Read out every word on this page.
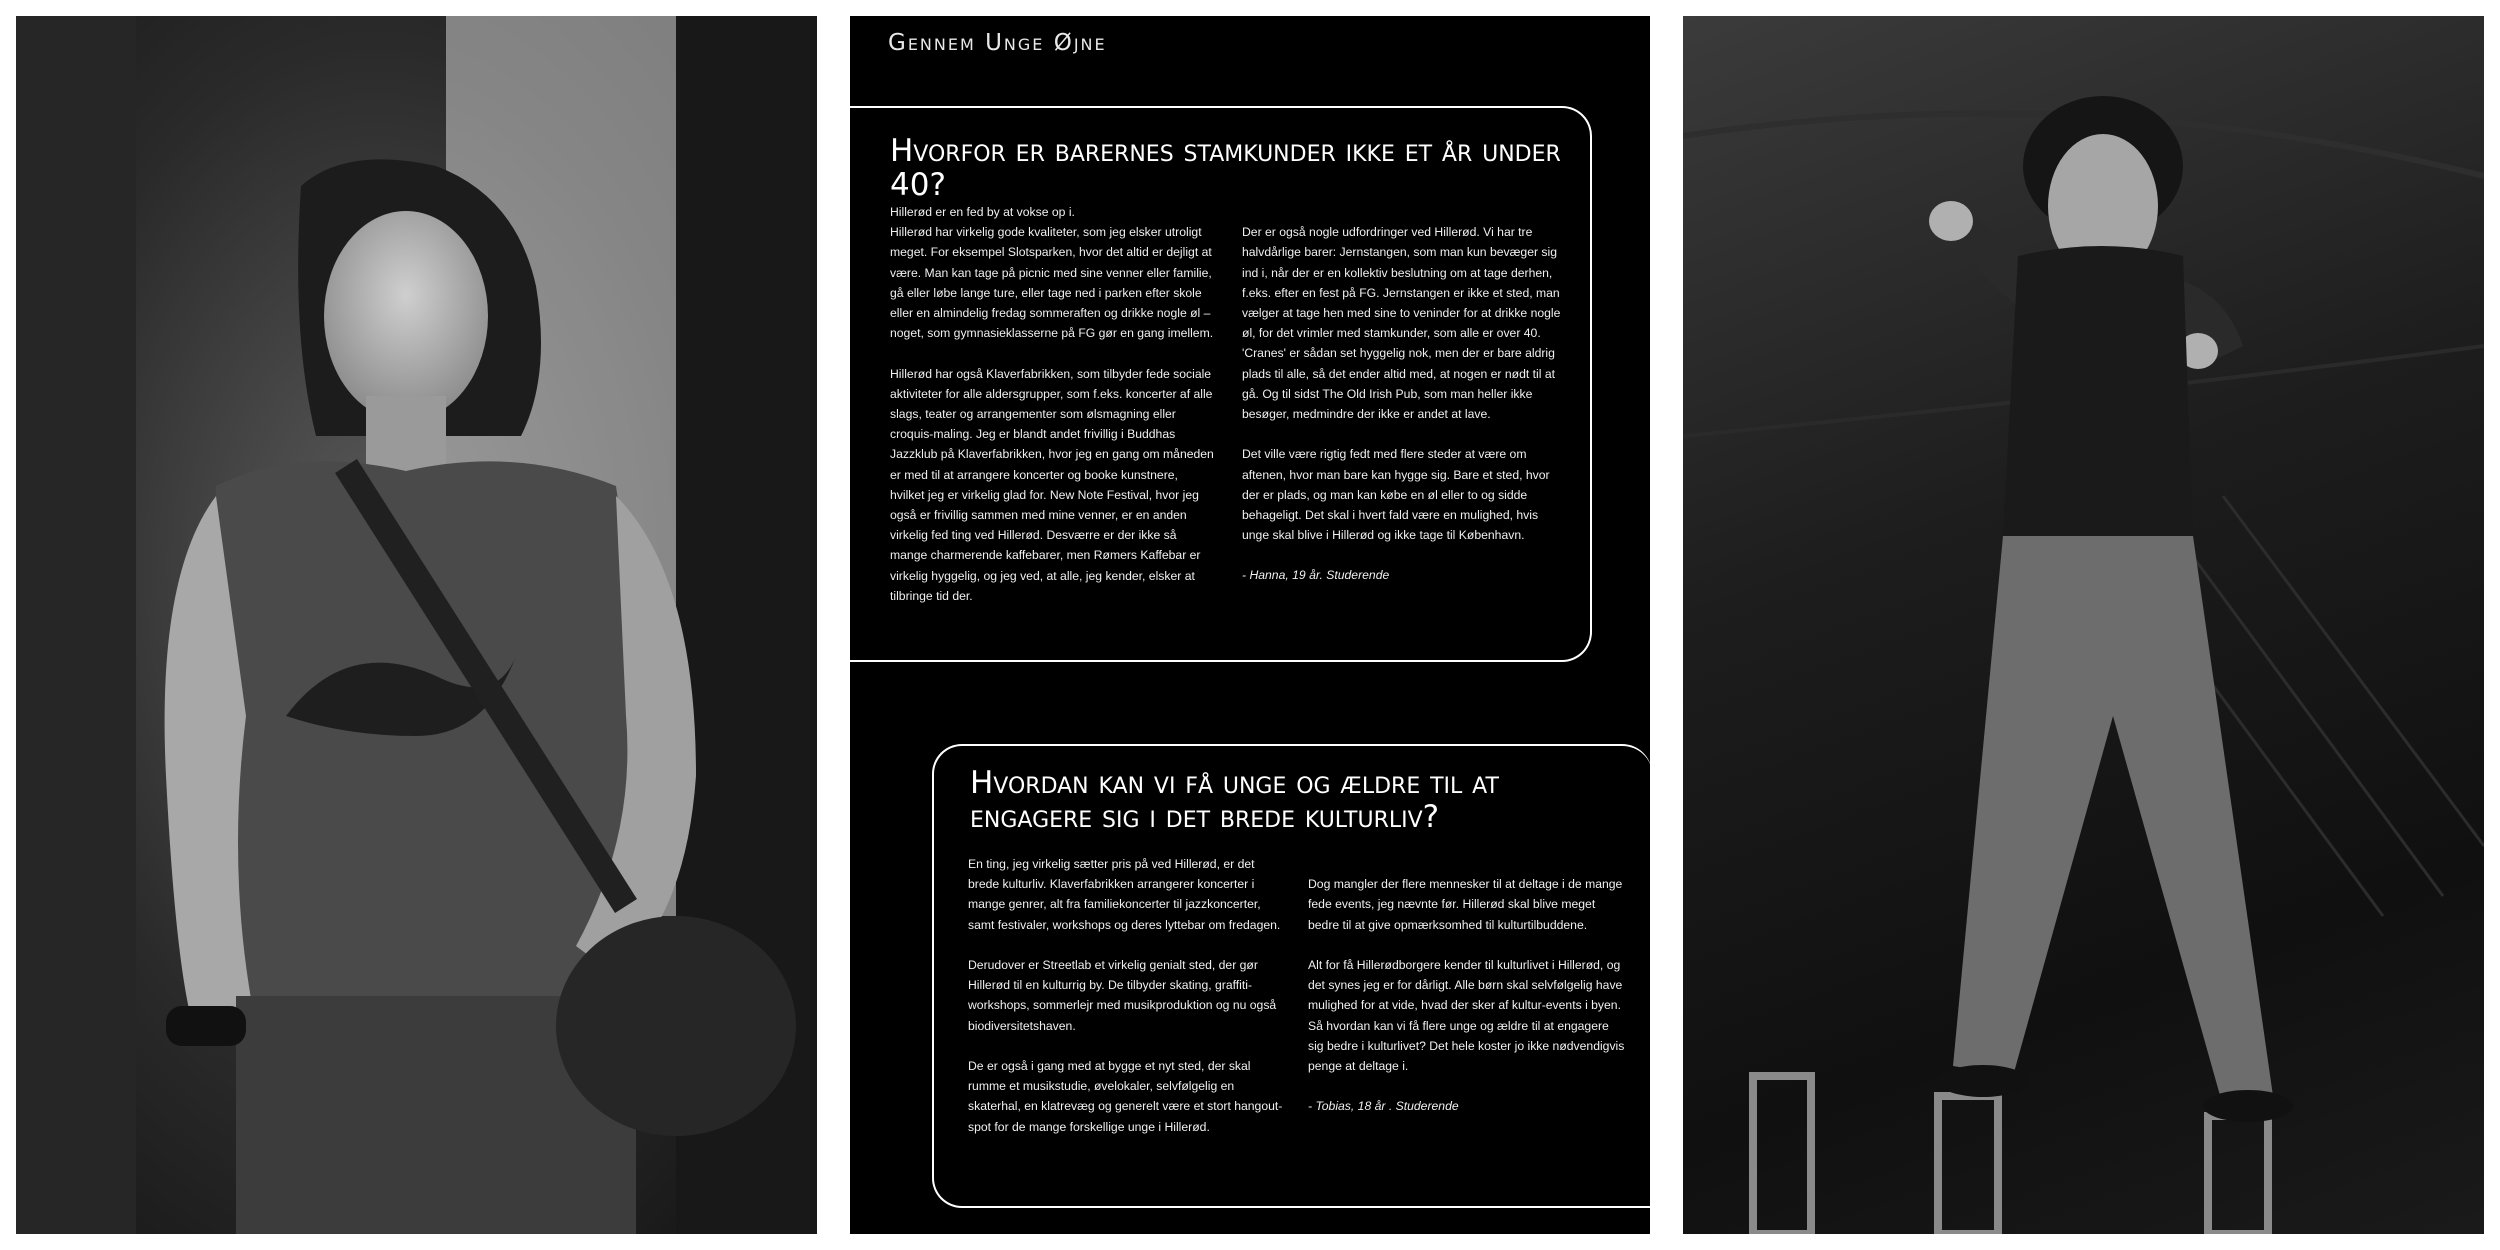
Gennem Unge Øjne
Hvorfor er barernes stamkunder ikke et år under 40?
Hillerød er en fed by at vokse op i.
Hillerød har virkelig gode kvaliteter, som jeg elsker utroligt meget. For eksempel Slotsparken, hvor det altid er dejligt at være. Man kan tage på picnic med sine venner eller familie, gå eller løbe lange ture, eller tage ned i parken efter skole eller en almindelig fredag sommeraften og drikke nogle øl – noget, som gymnasieklasserne på FG gør en gang imellem.

Hillerød har også Klaverfabrikken, som tilbyder fede sociale aktiviteter for alle aldersgrupper, som f.eks. koncerter af alle slags, teater og arrangementer som ølsmagning eller croquis-maling. Jeg er blandt andet frivillig i Buddhas Jazzklub på Klaverfabrikken, hvor jeg en gang om måneden er med til at arrangere koncerter og booke kunstnere, hvilket jeg er virkelig glad for. New Note Festival, hvor jeg også er frivillig sammen med mine venner, er en anden virkelig fed ting ved Hillerød. Desværre er der ikke så mange charmerende kaffebarer, men Rømers Kaffebar er virkelig hyggelig, og jeg ved, at alle, jeg kender, elsker at tilbringe tid der.

Der er også nogle udfordringer ved Hillerød. Vi har tre halvdårlige barer: Jernstangen, som man kun bevæger sig ind i, når der er en kollektiv beslutning om at tage derhen, f.eks. efter en fest på FG. Jernstangen er ikke et sted, man vælger at tage hen med sine to veninder for at drikke nogle øl, for det vrimler med stamkunder, som alle er over 40. 'Cranes' er sådan set hyggelig nok, men der er bare aldrig plads til alle, så det ender altid med, at nogen er nødt til at gå. Og til sidst The Old Irish Pub, som man heller ikke besøger, medmindre der ikke er andet at lave.

Det ville være rigtig fedt med flere steder at være om aftenen, hvor man bare kan hygge sig. Bare et sted, hvor der er plads, og man kan købe en øl eller to og sidde behageligt. Det skal i hvert fald være en mulighed, hvis unge skal blive i Hillerød og ikke tage til København.

- Hanna, 19 år. Studerende

Hvordan kan vi få unge og ældre til at engagere sig i det brede kulturliv?
En ting, jeg virkelig sætter pris på ved Hillerød, er det brede kulturliv. Klaverfabrikken arrangerer koncerter i mange genrer, alt fra familiekoncerter til jazzkoncerter, samt festivaler, workshops og deres lyttebar om fredagen.

Derudover er Streetlab et virkelig genialt sted, der gør Hillerød til en kulturrig by. De tilbyder skating, graffiti-workshops, sommerlejr med musikproduktion og nu også biodiversitetshaven.

De er også i gang med at bygge et nyt sted, der skal rumme et musikstudie, øvelokaler, selvfølgelig en skaterhal, en klatrevæg og generelt være et stort hangout-spot for de mange forskellige unge i Hillerød.

Dog mangler der flere mennesker til at deltage i de mange fede events, jeg nævnte før. Hillerød skal blive meget bedre til at give opmærksomhed til kulturtilbuddene.

Alt for få Hillerødborgere kender til kulturlivet i Hillerød, og det synes jeg er for dårligt. Alle børn skal selvfølgelig have mulighed for at vide, hvad der sker af kultur-events i byen. Så hvordan kan vi få flere unge og ældre til at engagere sig bedre i kulturlivet? Det hele koster jo ikke nødvendigvis penge at deltage i.

- Tobias, 18 år . Studerende
